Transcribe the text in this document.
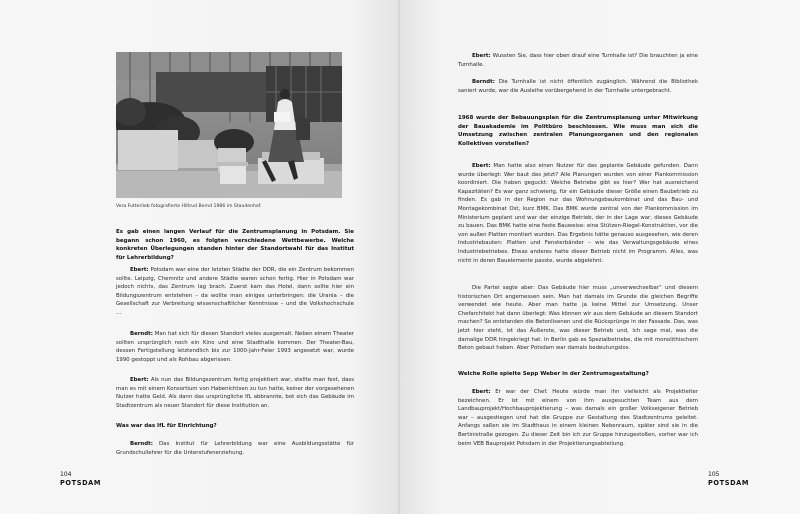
Vera Futterlieb fotografierte Hiltrud Bernd 1986 im Staudenhof.
Es gab einen langen Verlauf für die Zentrumsplanung in Potsdam. Sie begann schon 1960, es folgten verschiedene Wettbewerbe. Welche konkreten Überlegungen standen hinter der Standortwahl für das Institut für Lehrerbildung?
Ebert: Potsdam war eine der letzten Städte der DDR, die ein Zentrum bekommen sollte. Leipzig, Chemnitz und andere Städte waren schon fertig. Hier in Potsdam war jedoch nichts, das Zentrum lag brach. Zuerst kam das Hotel, dann sollte hier ein Bildungszentrum entstehen – da wollte man einiges unterbringen: die Urania – die Gesellschaft zur Verbreitung wissenschaftlicher Kenntnisse – und die Volkshochschule …
Berndt: Man hat sich für diesen Standort vieles ausgemalt. Neben einem Theater sollten ursprünglich noch ein Kino und eine Stadthalle kommen. Der Theater-Bau, dessen Fertigstellung letztendlich bis zur 1000-Jahr-Feier 1993 angesetzt war, wurde 1990 gestoppt und als Rohbau abgerissen.
Ebert: Als nun das Bildungszentrum fertig projektiert war, stellte man fest, dass man es mit einem Konsortium von Habenichtsen zu tun hatte, keiner der vorgesehenen Nutzer hatte Geld. Als dann das ursprüngliche IfL abbrannte, bot sich das Gebäude im Stadtzentrum als neuer Standort für diese Institution an.
Was war das IfL für Einrichtung?
Berndt: Das Institut für Lehrerbildung war eine Ausbildungsstätte für Grundschullehrer für die Unterstufenerziehung.
104
POTSDAM
Ebert: Wussten Sie, dass hier oben drauf eine Turnhalle ist? Die brauchten ja eine Turnhalle.
Berndt: Die Turnhalle ist nicht öffentlich zugänglich. Während die Bibliothek saniert wurde, war die Ausleihe vorübergehend in der Turnhalle untergebracht.
1968 wurde der Bebauungsplan für die Zentrumsplanung unter Mitwirkung der Bauakademie im Politbüro beschlossen. Wie muss man sich die Umsetzung zwischen zentralen Planungsorganen und den regionalen Kollektiven vorstellen?
Ebert: Man hatte also einen Nutzer für das geplante Gebäude gefunden. Dann wurde überlegt: Wer baut das jetzt? Alle Planungen wurden von einer Plankommission koordiniert. Die haben geguckt: Welche Betriebe gibt es hier? Wer hat ausreichend Kapazitäten? Es war ganz schwierig, für ein Gebäude dieser Größe einen Baubetrieb zu finden. Es gab in der Region nur das Wohnungsbaukombinat und das Bau- und Montagekombinat Ost, kurz BMK. Das BMK wurde zentral von der Plankommission im Ministerium geplant und war der einzige Betrieb, der in der Lage war, dieses Gebäude zu bauen. Das BMK hatte eine feste Bauweise: eine Stützen-Riegel-Konstruktion, vor die von außen Platten montiert wurden. Das Ergebnis hätte genauso ausgesehen, wie deren Industriebauten: Platten und Fensterbänder – wie das Verwaltungsgebäude eines Industriebetriebes. Etwas anderes hatte dieser Betrieb nicht im Programm. Alles, was nicht in deren Bauelemente passte, wurde abgelehnt.
Die Partei sagte aber: Das Gebäude hier muss „unverwechselbar“ und diesem historischen Ort angemessen sein. Man hat damals im Grunde die gleichen Begriffe verwendet wie heute. Aber man hatte ja keine Mittel zur Umsetzung. Unser Chefarchitekt hat dann überlegt: Was können wir aus dem Gebäude an diesem Standort machen? So entstanden die Betonlisenen und die Rücksprünge in der Fassade. Das, was jetzt hier steht, ist das Äußerste, was dieser Betrieb und, ich sage mal, was die damalige DDR hingekriegt hat. In Berlin gab es Spezialbetriebe, die mit monolithischem Beton gebaut haben. Aber Potsdam war damals bedeutungslos.
Welche Rolle spielte Sepp Weber in der Zentrumsgestaltung?
Ebert: Er war der Chef. Heute würde man ihn vielleicht als Projektleiter bezeichnen. Er ist mit einem von ihm ausgesuchten Team aus dem Landbauprojekt/Hochbauprojektierung – was damals ein großer Volkseigener Betrieb war – ausgestiegen und hat die Gruppe zur Gestaltung des Stadtzentrums geleitet. Anfangs saßen sie im Stadthaus in einem kleinen Nebenraum, später sind sie in die Bertinistraße gezogen. Zu dieser Zeit bin ich zur Gruppe hinzugestoßen, vorher war ich beim VEB Bauprojekt Potsdam in der Projektierungsabteilung.
105
POTSDAM
